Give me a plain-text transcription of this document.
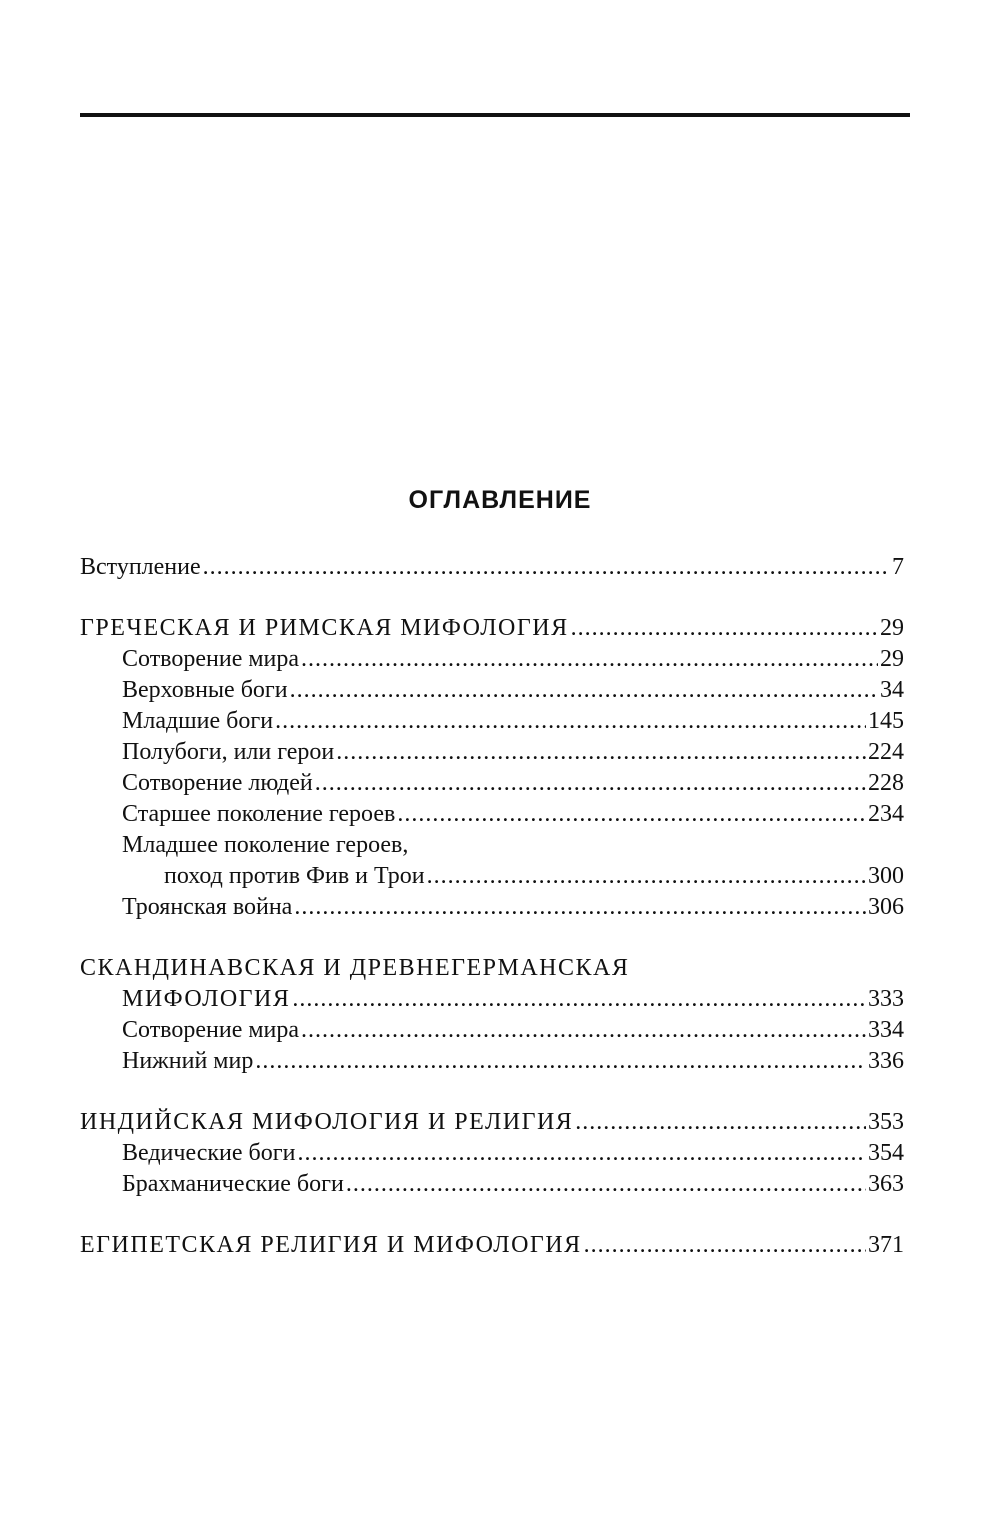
ОГЛАВЛЕНИЕ
Вступление .....	7
ГРЕЧЕСКАЯ И РИМСКАЯ МИФОЛОГИЯ .....	29
Сотворение мира .....	29
Верховные боги .....	34
Младшие боги .....	145
Полубоги, или герои .....	224
Сотворение людей .....	228
Старшее поколение героев .....	234
Младшее поколение героев,
поход против Фив и Трои .....	300
Троянская война .....	306
СКАНДИНАВСКАЯ И ДРЕВНЕГЕРМАНСКАЯ
МИФОЛОГИЯ .....	333
Сотворение мира .....	334
Нижний мир .....	336
ИНДИЙСКАЯ МИФОЛОГИЯ И РЕЛИГИЯ .....	353
Ведические боги .....	354
Брахманические боги .....	363
ЕГИПЕТСКАЯ РЕЛИГИЯ И МИФОЛОГИЯ .....	371
